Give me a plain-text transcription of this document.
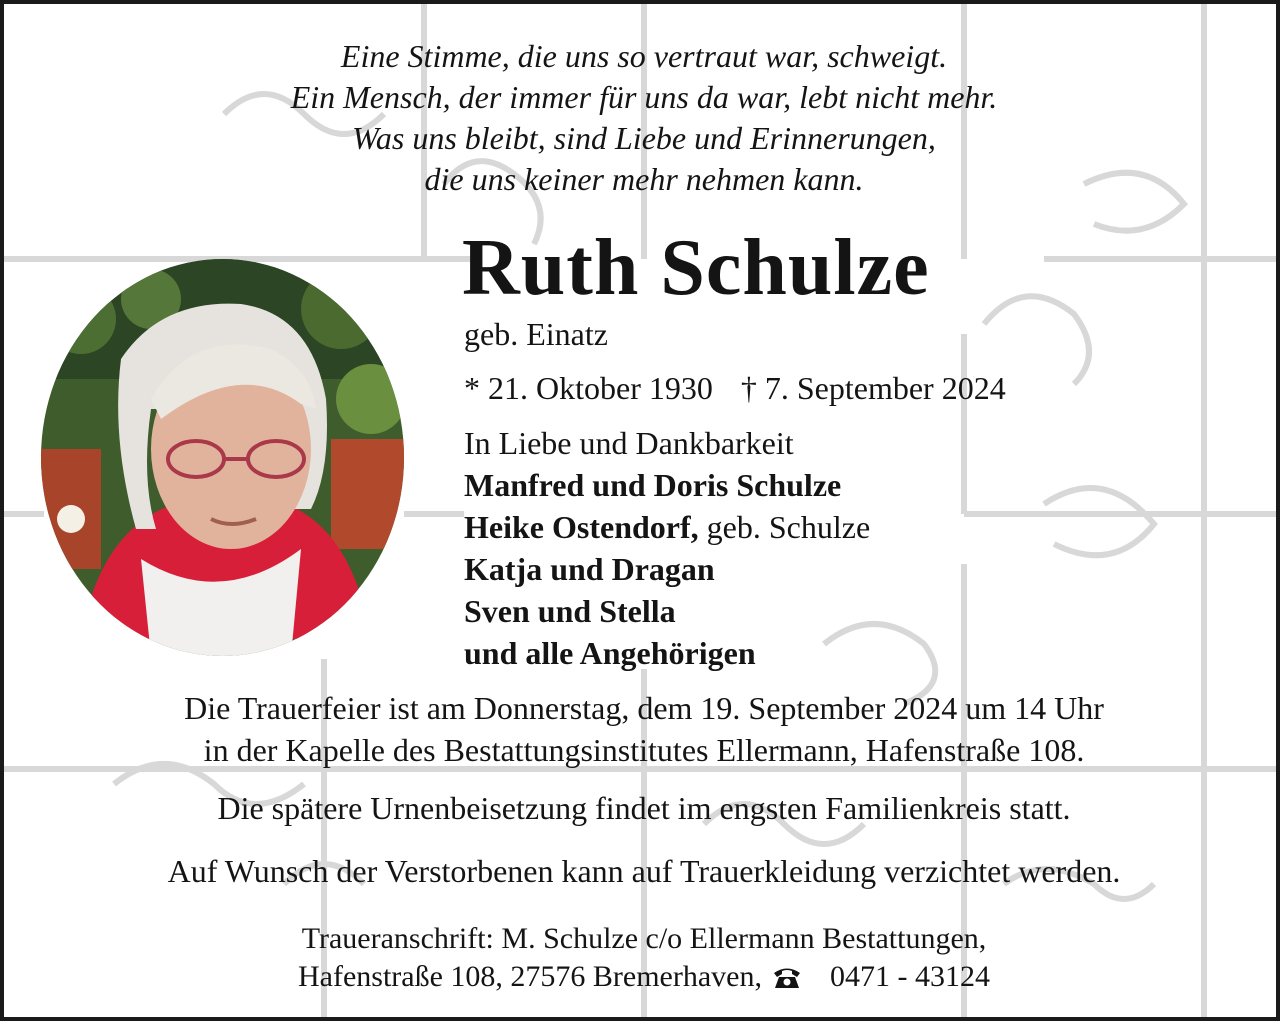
Eine Stimme, die uns so vertraut war, schweigt.
Ein Mensch, der immer für uns da war, lebt nicht mehr.
Was uns bleibt, sind Liebe und Erinnerungen,
die uns keiner mehr nehmen kann.
Ruth Schulze
geb. Einatz
* 21. Oktober 1930 † 7. September 2024
In Liebe und Dankbarkeit
Manfred und Doris Schulze
Heike Ostendorf, geb. Schulze
Katja und Dragan
Sven und Stella
und alle Angehörigen
Die Trauerfeier ist am Donnerstag, dem 19. September 2024 um 14 Uhr
in der Kapelle des Bestattungsinstitutes Ellermann, Hafenstraße 108.
Die spätere Urnenbeisetzung findet im engsten Familienkreis statt.
Auf Wunsch der Verstorbenen kann auf Trauerkleidung verzichtet werden.
Traueranschrift: M. Schulze c/o Ellermann Bestattungen,
Hafenstraße 108, 27576 Bremerhaven, 0471 - 43124
